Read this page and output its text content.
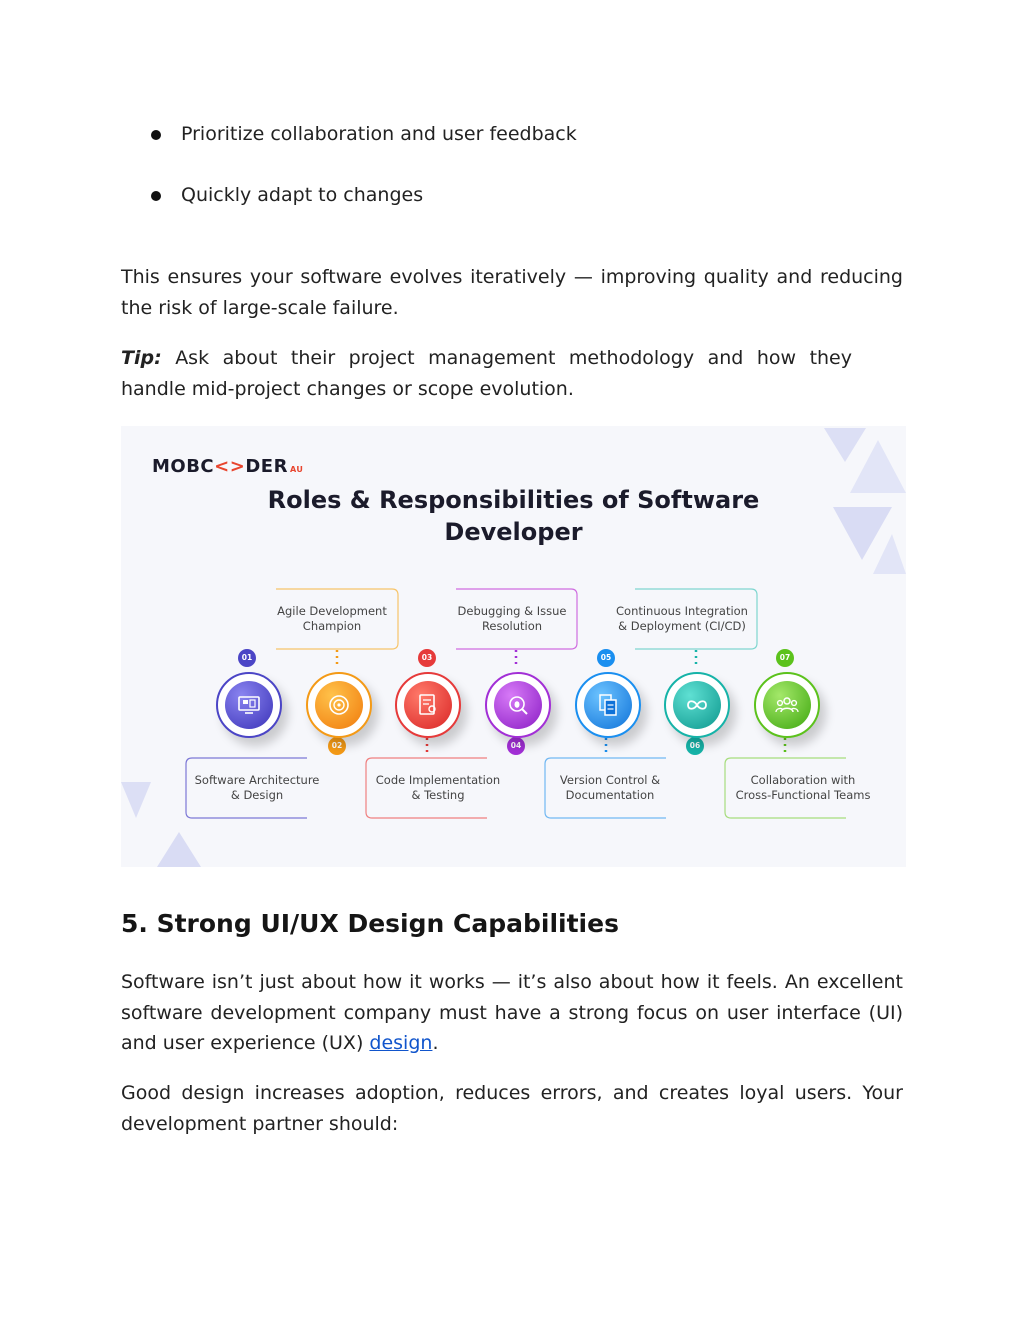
Prioritize collaboration and user feedback
Quickly adapt to changes
This ensures your software evolves iteratively — improving quality and reducing the risk of large-scale failure.
Tip: Ask about their project management methodology and how they handle mid-project changes or scope evolution.
MOBC<>DER AU
Roles & Responsibilities of Software
Developer
Agile Development
Champion
Debugging & Issue
Resolution
Continuous Integration
& Deployment (CI/CD)
Software Architecture
& Design
Code Implementation
& Testing
Version Control &
Documentation
Collaboration with
Cross-Functional Teams
01
02
03
04
05
06
07
5. Strong UI/UX Design Capabilities
Software isn’t just about how it works — it’s also about how it feels. An excellent software development company must have a strong focus on user interface (UI) and user experience (UX) design.
Good design increases adoption, reduces errors, and creates loyal users. Your development partner should:
